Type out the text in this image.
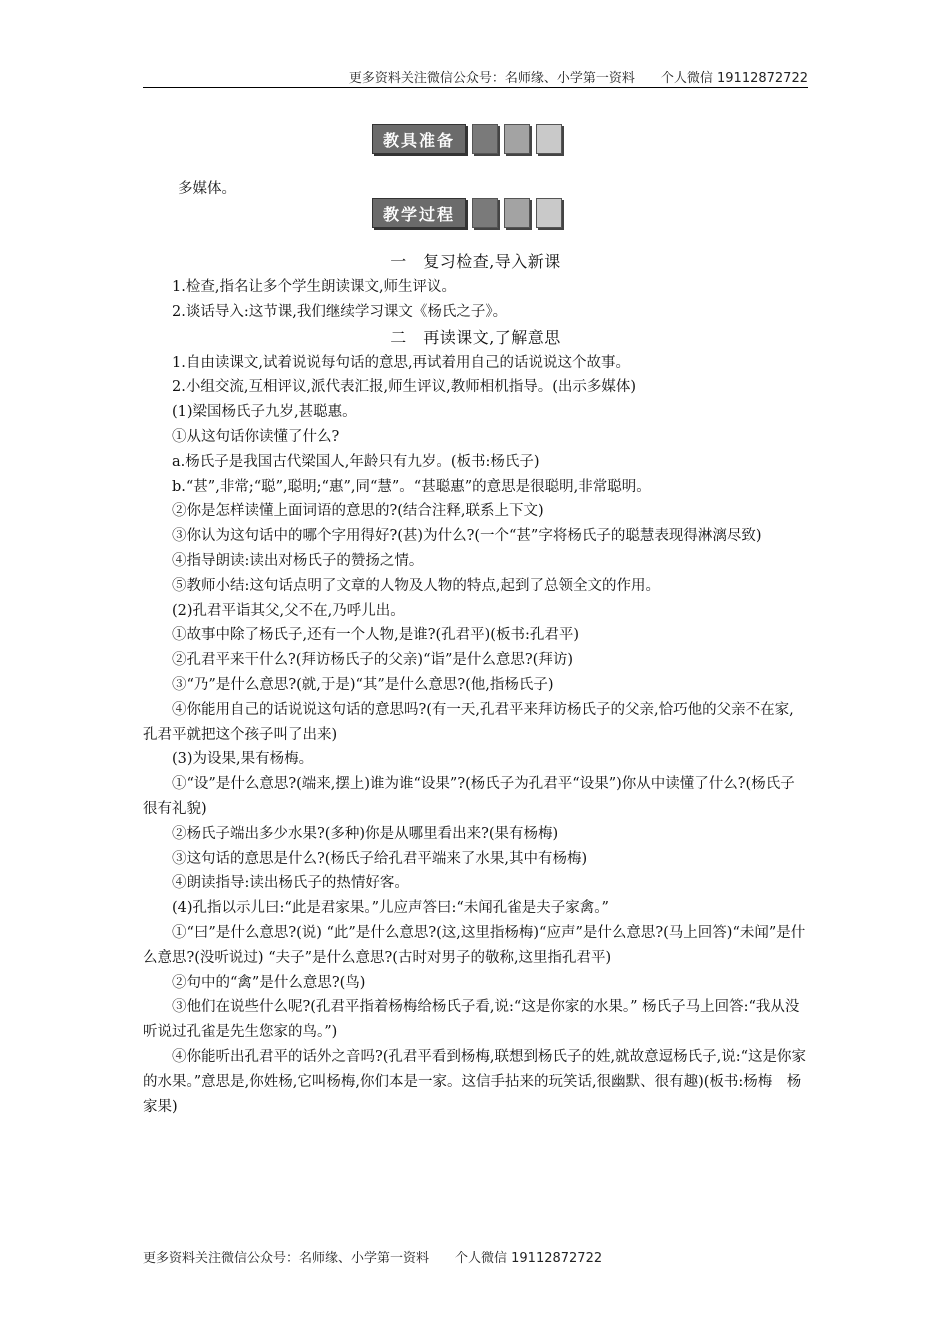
更多资料关注微信公众号：名师缘、小学第一资料　　个人微信 19112872722
教具准备

多媒体。

教学过程

一　复习检查,导入新课

1.检查,指名让多个学生朗读课文,师生评议。

2.谈话导入:这节课,我们继续学习课文《杨氏之子》。

二　再读课文,了解意思

1.自由读课文,试着说说每句话的意思,再试着用自己的话说说这个故事。

2.小组交流,互相评议,派代表汇报,师生评议,教师相机指导。(出示多媒体)

(1)梁国杨氏子九岁,甚聪惠。

①从这句话你读懂了什么?

a.杨氏子是我国古代梁国人,年龄只有九岁。(板书:杨氏子)

b.“甚”,非常;“聪”,聪明;“惠”,同“慧”。“甚聪惠”的意思是很聪明,非常聪明。

②你是怎样读懂上面词语的意思的?(结合注释,联系上下文)

③你认为这句话中的哪个字用得好?(甚)为什么?(一个“甚”字将杨氏子的聪慧表现得淋漓尽致)

④指导朗读:读出对杨氏子的赞扬之情。

⑤教师小结:这句话点明了文章的人物及人物的特点,起到了总领全文的作用。

(2)孔君平诣其父,父不在,乃呼儿出。

①故事中除了杨氏子,还有一个人物,是谁?(孔君平)(板书:孔君平)

②孔君平来干什么?(拜访杨氏子的父亲)“诣”是什么意思?(拜访)

③“乃”是什么意思?(就,于是)“其”是什么意思?(他,指杨氏子)

④你能用自己的话说说这句话的意思吗?(有一天,孔君平来拜访杨氏子的父亲,恰巧他的父亲不在家,孔君平就把这个孩子叫了出来)

(3)为设果,果有杨梅。

①“设”是什么意思?(端来,摆上)谁为谁“设果”?(杨氏子为孔君平“设果”)你从中读懂了什么?(杨氏子很有礼貌)

②杨氏子端出多少水果?(多种)你是从哪里看出来?(果有杨梅)

③这句话的意思是什么?(杨氏子给孔君平端来了水果,其中有杨梅)

④朗读指导:读出杨氏子的热情好客。

(4)孔指以示儿曰:“此是君家果。”儿应声答曰:“未闻孔雀是夫子家禽。”

①“曰”是什么意思?(说) “此”是什么意思?(这,这里指杨梅)“应声”是什么意思?(马上回答)“未闻”是什么意思?(没听说过) “夫子”是什么意思?(古时对男子的敬称,这里指孔君平)

②句中的“禽”是什么意思?(鸟)

③他们在说些什么呢?(孔君平指着杨梅给杨氏子看,说:“这是你家的水果。” 杨氏子马上回答:“我从没听说过孔雀是先生您家的鸟。”)

④你能听出孔君平的话外之音吗?(孔君平看到杨梅,联想到杨氏子的姓,就故意逗杨氏子,说:“这是你家的水果。”意思是,你姓杨,它叫杨梅,你们本是一家。这信手拈来的玩笑话,很幽默、很有趣)(板书:杨梅　杨家果)

更多资料关注微信公众号：名师缘、小学第一资料　　个人微信 19112872722
